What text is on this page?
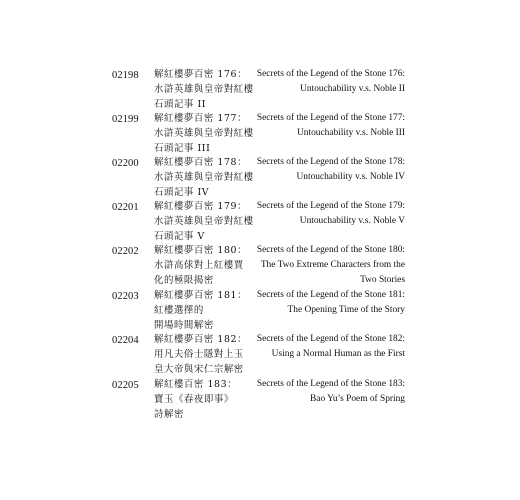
02198 解紅樓夢百密 176：
水滸英雄與皇帝對紅樓
石頭記事 II
Secrets of the Legend of the Stone 176:
Untouchability v.s. Noble II
02199 解紅樓夢百密 177：
水滸英雄與皇帝對紅樓
石頭記事 III
Secrets of the Legend of the Stone 177:
Untouchability v.s. Noble III
02200 解紅樓夢百密 178：
水滸英雄與皇帝對紅樓
石頭記事 IV
Secrets of the Legend of the Stone 178:
Untouchability v.s. Noble IV
02201 解紅樓夢百密 179：
水滸英雄與皇帝對紅樓
石頭記事 V
Secrets of the Legend of the Stone 179:
Untouchability v.s. Noble V
02202 解紅樓夢百密 180：
水滸高俅對上紅樓賈
化的極限揭密
Secrets of the Legend of the Stone 180:
The Two Extreme Characters from the
Two Stories
02203 解紅樓夢百密 181：
紅樓選擇的
開場時間解密
Secrets of the Legend of the Stone 181:
The Opening Time of the Story
02204 解紅樓夢百密 182：
用凡夫俗士隱對上玉
皇大帝與宋仁宗解密
Secrets of the Legend of the Stone 182:
Using a Normal Human as the First
02205 解紅樓百密 183：
寶玉《春夜即事》
詩解密
Secrets of the Legend of the Stone 183:
Bao Yu’s Poem of Spring
